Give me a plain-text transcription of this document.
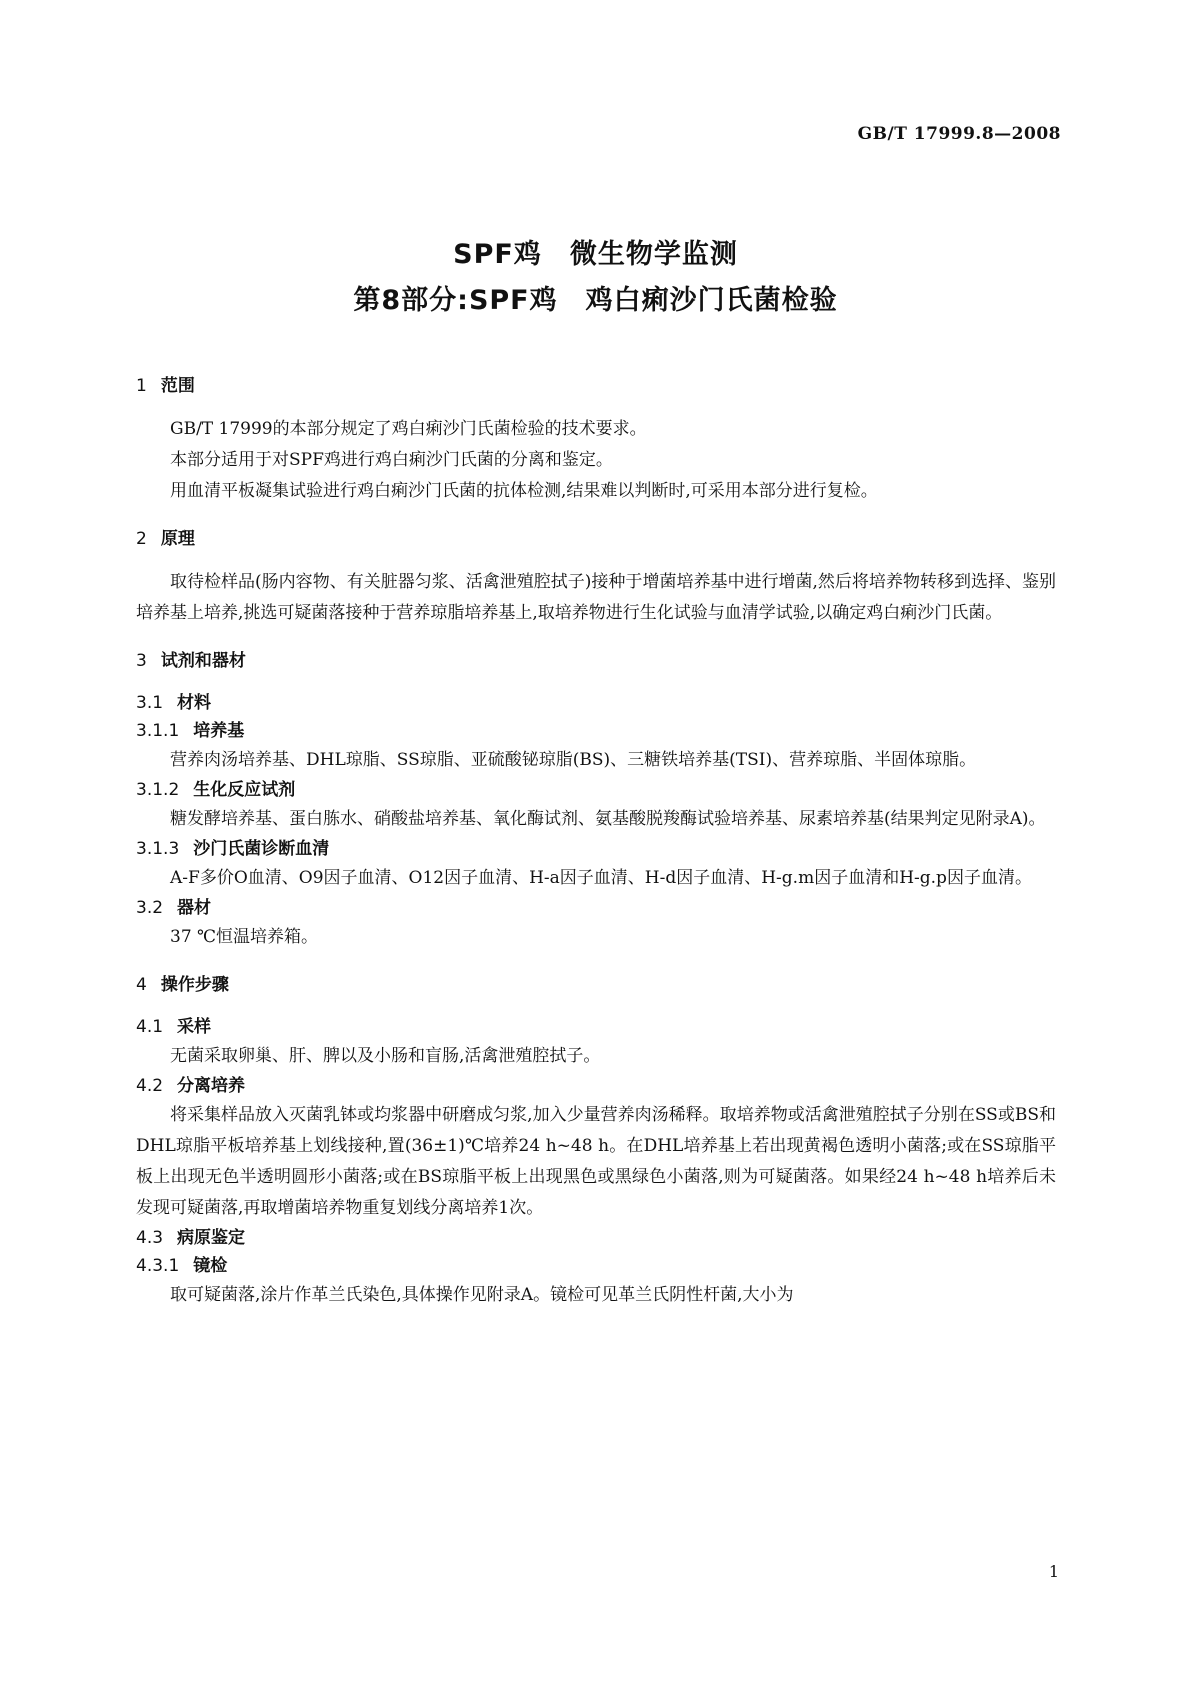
GB/T 17999.8—2008
SPF鸡　微生物学监测
第8部分:SPF鸡　鸡白痢沙门氏菌检验
1 范围

GB/T 17999的本部分规定了鸡白痢沙门氏菌检验的技术要求。

本部分适用于对SPF鸡进行鸡白痢沙门氏菌的分离和鉴定。

用血清平板凝集试验进行鸡白痢沙门氏菌的抗体检测,结果难以判断时,可采用本部分进行复检。

2 原理

取待检样品(肠内容物、有关脏器匀浆、活禽泄殖腔拭子)接种于增菌培养基中进行增菌,然后将培养物转移到选择、鉴别培养基上培养,挑选可疑菌落接种于营养琼脂培养基上,取培养物进行生化试验与血清学试验,以确定鸡白痢沙门氏菌。

3 试剂和器材
3.1 材料
3.1.1 培养基

营养肉汤培养基、DHL琼脂、SS琼脂、亚硫酸铋琼脂(BS)、三糖铁培养基(TSI)、营养琼脂、半固体琼脂。

3.1.2 生化反应试剂

糖发酵培养基、蛋白胨水、硝酸盐培养基、氧化酶试剂、氨基酸脱羧酶试验培养基、尿素培养基(结果判定见附录A)。

3.1.3 沙门氏菌诊断血清

A-F多价O血清、O9因子血清、O12因子血清、H-a因子血清、H-d因子血清、H-g.m因子血清和H-g.p因子血清。

3.2 器材

37 ℃恒温培养箱。

4 操作步骤
4.1 采样

无菌采取卵巢、肝、脾以及小肠和盲肠,活禽泄殖腔拭子。

4.2 分离培养

将采集样品放入灭菌乳钵或均浆器中研磨成匀浆,加入少量营养肉汤稀释。取培养物或活禽泄殖腔拭子分别在SS或BS和DHL琼脂平板培养基上划线接种,置(36±1)℃培养24 h~48 h。在DHL培养基上若出现黄褐色透明小菌落;或在SS琼脂平板上出现无色半透明圆形小菌落;或在BS琼脂平板上出现黑色或黑绿色小菌落,则为可疑菌落。如果经24 h~48 h培养后未发现可疑菌落,再取增菌培养物重复划线分离培养1次。

4.3 病原鉴定
4.3.1 镜检

取可疑菌落,涂片作革兰氏染色,具体操作见附录A。镜检可见革兰氏阴性杆菌,大小为

1
